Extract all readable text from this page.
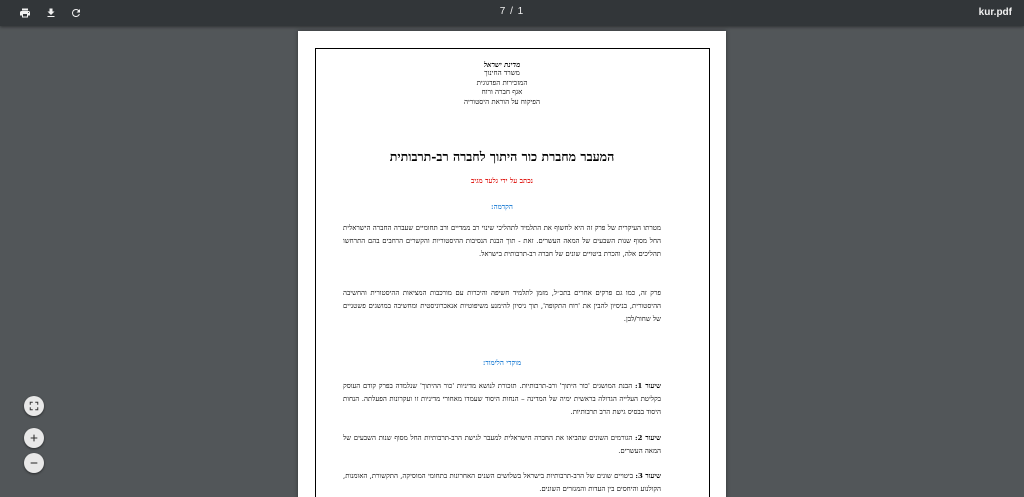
7 / 1	kur.pdf
מדינת ישראל
משרד החינוך
המזכירות הפדגוגית
אגף חברה ורוח
הפיקוח על הוראת היסטוריה
המעבר מחברת כור היתוך לחברה רב-תרבותית
נכתב על ידי גלעד מגיב
הקדמה:
מטרתו העיקרית של פרק זה היא לחשוף את התלמיד לתהליכי שינוי רב ממדיים ורב תחומיים שעברה החברה הישראלית החל מסוף שנות השבעים של המאה העשרים. זאת - תוך הבנת הנסיבות ההיסטוריות והקשרים הרחבים בהם התרחשו תהליכים אלה, והכרת ביטויים שונים של חברה רב-תרבותית בישראל.
פרק זה, כמו גם פרקים אחרים בתכ״ל, מזמן לתלמיד חשיפה והיכרות עם מורכבות המציאות ההיסטורית והחשיבה ההיסטורית, בניסיון להבין את 'רוח התקופה', תוך ניסיון להימנע משיפוטיות אנאכרוניסטית ומחשיבה במושגים פשטניים של שחור/לבן.
מוקדי הלימוד:
שיעור 1: הבנת המושגים 'כור היתוך' ורב-תרבותיות. תזכורת לנושא מדיניות 'כור ההיתוך' שנלמדה בפרק קודם העוסק בקליטת העלייה הגדולה בראשית ימיה של המדינה – הנחות היסוד שעמדו מאחורי מדיניות זו ועקרונות הפעלתה. הנחות היסוד בבסיס גישת הרב תרבותיות.
שיעור 2: הגורמים השונים שהביאו את החברה הישראלית למעבר לגישת הרב-תרבותיות החל מסוף שנות השבעים של המאה העשרים.
שיעור 3: ביטויים שונים של הרב-תרבותיות בישראל בשלושים השנים האחרונות בתחומי המוסיקה, התקשורת, האומנות, הקולנוע והיחסים בין העדות והמגזרים השונים.
